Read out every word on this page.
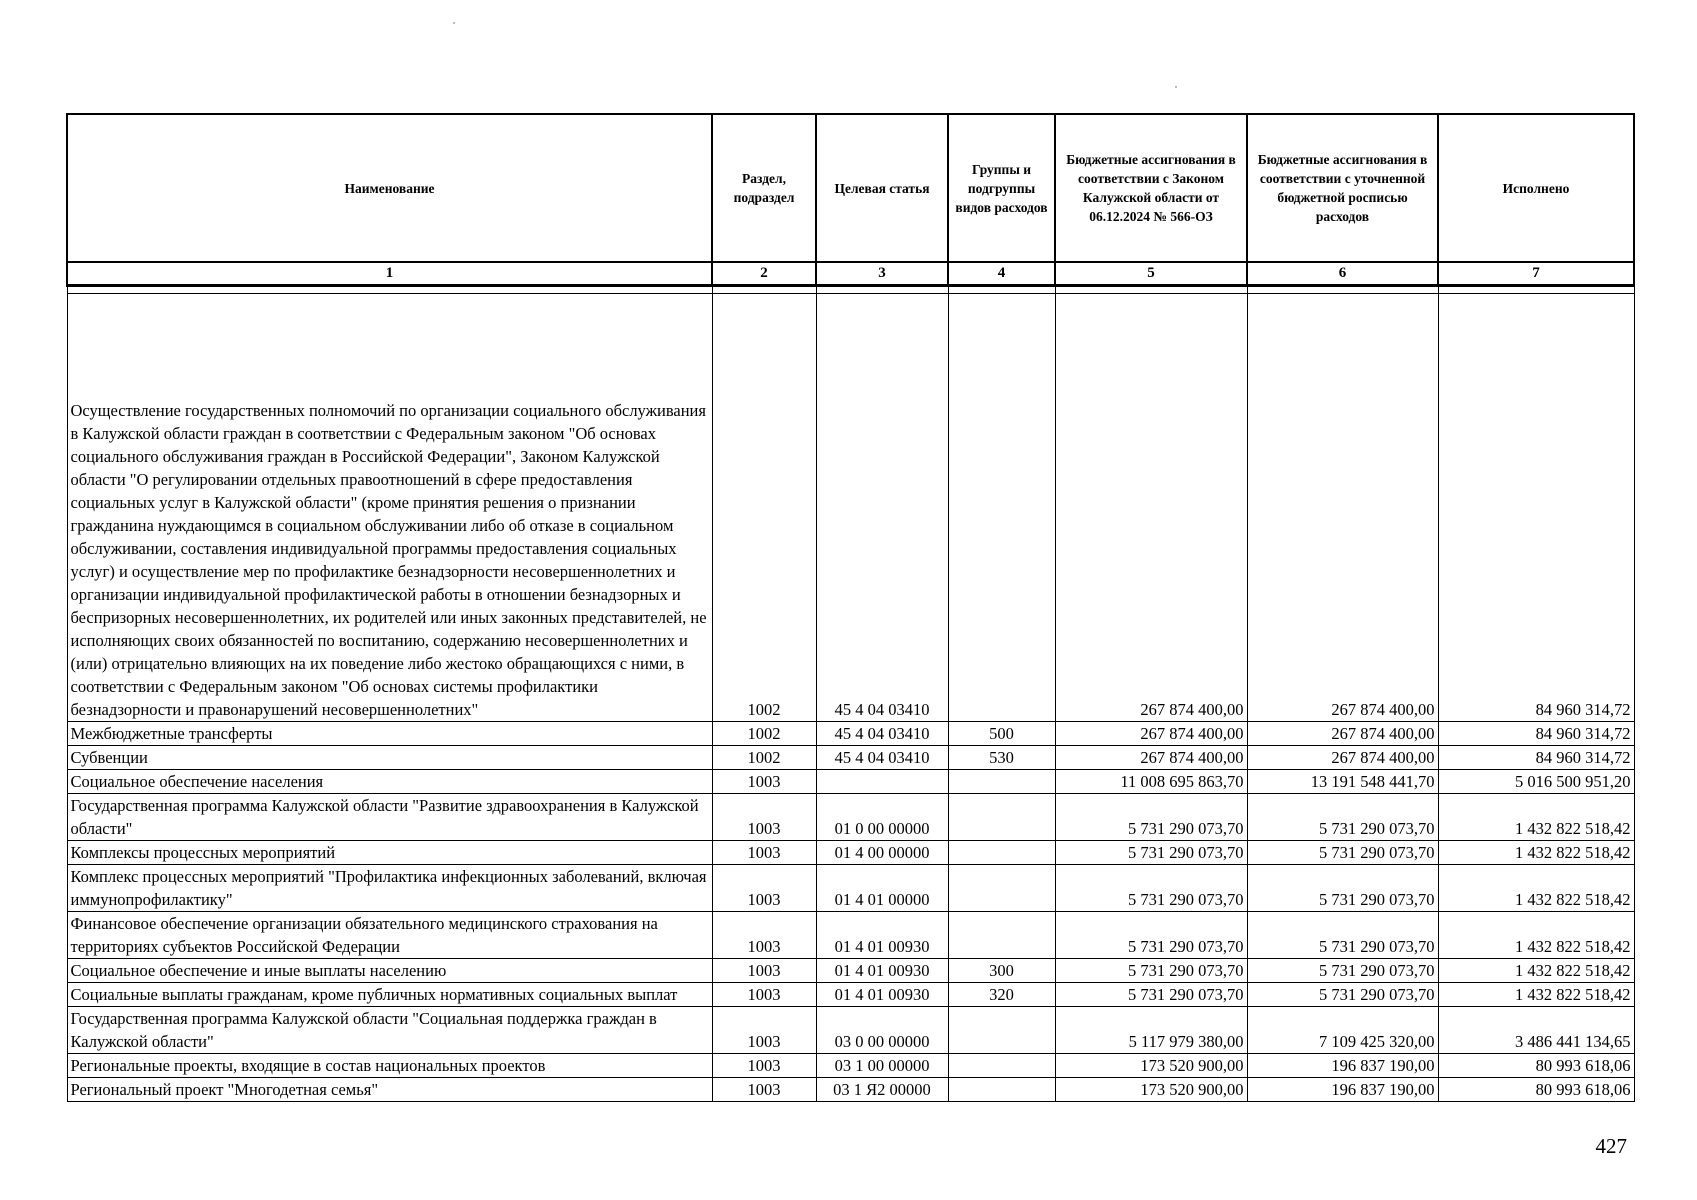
Наименование	Раздел, подраздел	Целевая статья	Группы и подгруппы видов расходов	Бюджетные ассигнования в соответствии с Законом Калужской области от 06.12.2024 № 566-ОЗ	Бюджетные ассигнования в соответствии с уточненной бюджетной росписью расходов	Исполнено
1	2	3	4	5	6	7

Осуществление государственных полномочий по организации социального обслуживания в Калужской области граждан в соответствии с Федеральным законом "Об основах социального обслуживания граждан в Российской Федерации", Законом Калужской области "О регулировании отдельных правоотношений в сфере предоставления социальных услуг в Калужской области" (кроме принятия решения о признании гражданина нуждающимся в социальном обслуживании либо об отказе в социальном обслуживании, составления индивидуальной программы предоставления социальных услуг) и осуществление мер по профилактике безнадзорности несовершеннолетних и организации индивидуальной профилактической работы в отношении безнадзорных и беспризорных несовершеннолетних, их родителей или иных законных представителей, не исполняющих своих обязанностей по воспитанию, содержанию несовершеннолетних и (или) отрицательно влияющих на их поведение либо жестоко обращающихся с ними, в соответствии с Федеральным законом "Об основах системы профилактики безнадзорности и правонарушений несовершеннолетних"	1002	45 4 04 03410		267 874 400,00	267 874 400,00	84 960 314,72
Межбюджетные трансферты	1002	45 4 04 03410	500	267 874 400,00	267 874 400,00	84 960 314,72
Субвенции	1002	45 4 04 03410	530	267 874 400,00	267 874 400,00	84 960 314,72
Социальное обеспечение населения	1003			11 008 695 863,70	13 191 548 441,70	5 016 500 951,20
Государственная программа Калужской области "Развитие здравоохранения в Калужской области"	1003	01 0 00 00000		5 731 290 073,70	5 731 290 073,70	1 432 822 518,42
Комплексы процессных мероприятий	1003	01 4 00 00000		5 731 290 073,70	5 731 290 073,70	1 432 822 518,42
Комплекс процессных мероприятий "Профилактика инфекционных заболеваний, включая иммунопрофилактику"	1003	01 4 01 00000		5 731 290 073,70	5 731 290 073,70	1 432 822 518,42
Финансовое обеспечение организации обязательного медицинского страхования на территориях субъектов Российской Федерации	1003	01 4 01 00930		5 731 290 073,70	5 731 290 073,70	1 432 822 518,42
Социальное обеспечение и иные выплаты населению	1003	01 4 01 00930	300	5 731 290 073,70	5 731 290 073,70	1 432 822 518,42
Социальные выплаты гражданам, кроме публичных нормативных социальных выплат	1003	01 4 01 00930	320	5 731 290 073,70	5 731 290 073,70	1 432 822 518,42
Государственная программа Калужской области "Социальная поддержка граждан в Калужской области"	1003	03 0 00 00000		5 117 979 380,00	7 109 425 320,00	3 486 441 134,65
Региональные проекты, входящие в состав национальных проектов	1003	03 1 00 00000		173 520 900,00	196 837 190,00	80 993 618,06
Региональный проект "Многодетная семья"	1003	03 1 Я2 00000		173 520 900,00	196 837 190,00	80 993 618,06
427
